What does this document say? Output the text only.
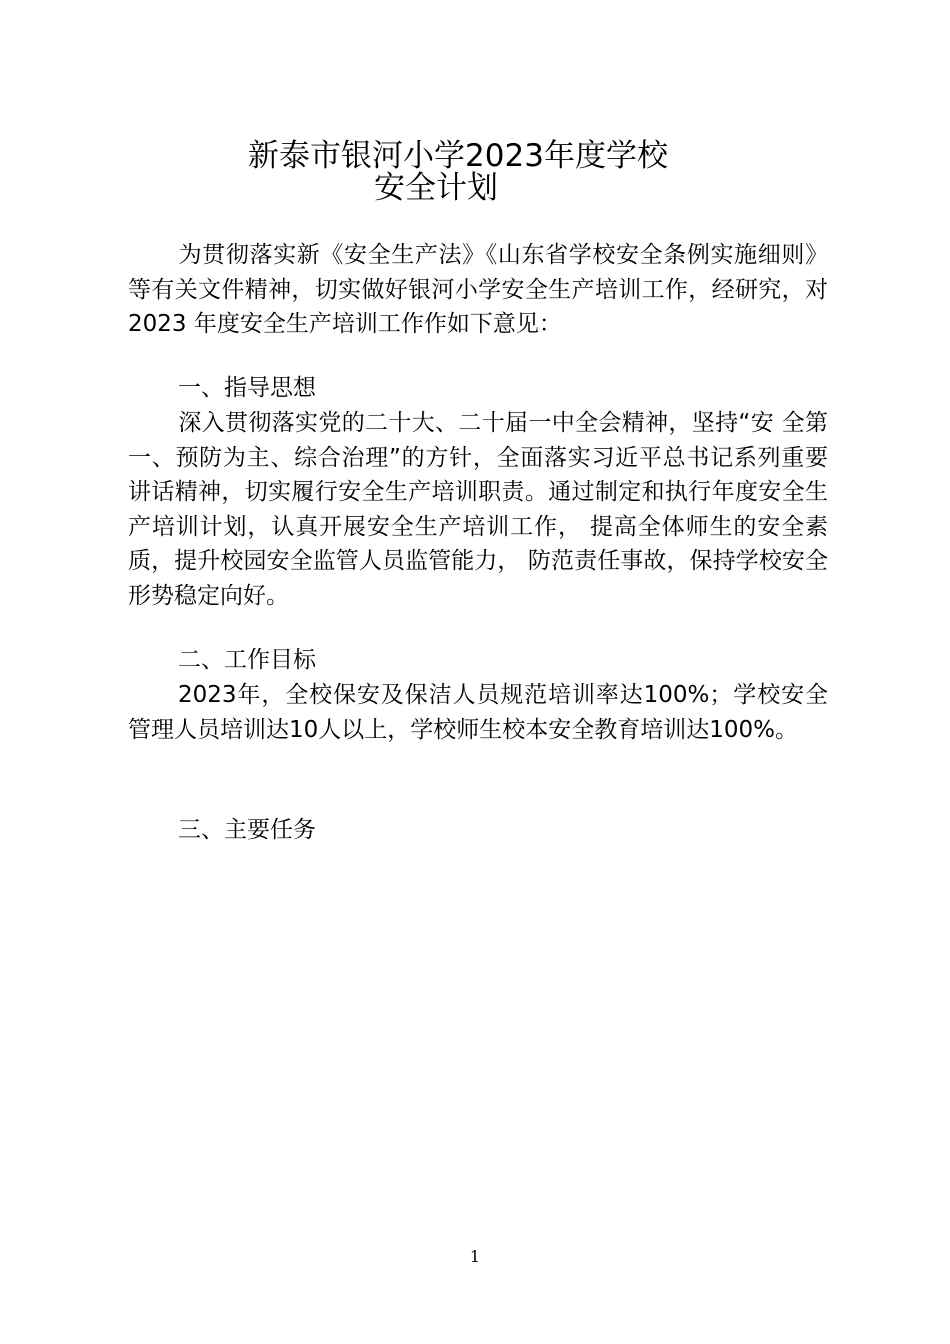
新泰市银河小学2023年度学校
安全计划

为贯彻落实新《安全生产法》《山东省学校安全条例实施细则》等有关文件精神，切实做好银河小学安全生产培训工作，经研究，对 2023 年度安全生产培训工作作如下意见：

一、指导思想

深入贯彻落实党的二十大、二十届一中全会精神，坚持“安 全第一、预防为主、综合治理”的方针，全面落实习近平总书记系列重要讲话精神，切实履行安全生产培训职责。通过制定和执行年度安全生产培训计划，认真开展安全生产培训工作， 提高全体师生的安全素质，提升校园安全监管人员监管能力， 防范责任事故，保持学校安全形势稳定向好。

二、工作目标

2023年，全校保安及保洁人员规范培训率达100%；学校安全管理人员培训达10人以上，学校师生校本安全教育培训达100%。

三、主要任务

1
